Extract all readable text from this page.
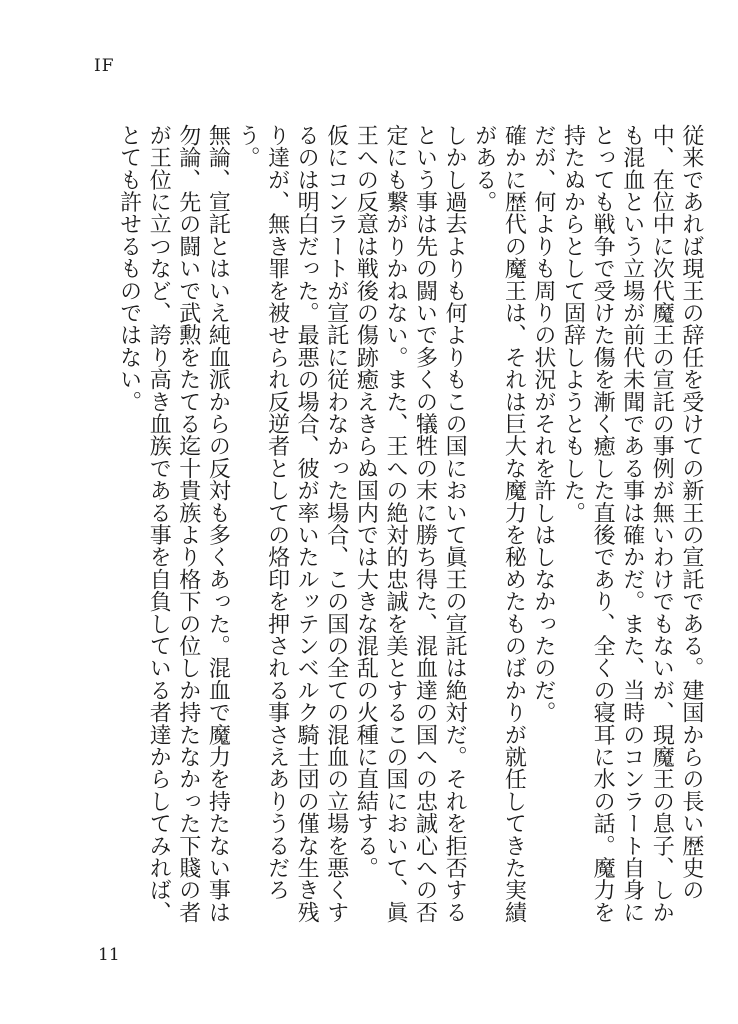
IF
従来であれば現王の辞任を受けての新王の宣託である。建国からの長い歴史の中、在位中に次代魔王の宣託の事例が無いわけでもないが、現魔王の息子、しかも混血という立場が前代未聞である事は確かだ。また、当時のコンラート自身にとっても戦争で受けた傷を漸く癒した直後であり、全くの寝耳に水の話。魔力を持たぬからとして固辞しようともした。
だが、何よりも周りの状況がそれを許しはしなかったのだ。
確かに歴代の魔王は、それは巨大な魔力を秘めたものばかりが就任してきた実績がある。
しかし過去よりも何よりもこの国において眞王の宣託は絶対だ。それを拒否するという事は先の闘いで多くの犠牲の末に勝ち得た、混血達の国への忠誠心への否定にも繋がりかねない。また、王への絶対的忠誠を美とするこの国において、眞王への反意は戦後の傷跡癒えきらぬ国内では大きな混乱の火種に直結する。
仮にコンラートが宣託に従わなかった場合、この国の全ての混血の立場を悪くするのは明白だった。最悪の場合、彼が率いたルッテンベルク騎士団の僅な生き残り達が、無き罪を被せられ反逆者としての烙印を押される事さえありうるだろう。
無論、宣託とはいえ純血派からの反対も多くあった。混血で魔力を持たない事は勿論、先の闘いで武勲をたてる迄十貴族より格下の位しか持たなかった下賤の者が王位に立つなど、誇り高き血族である事を自負している者達からしてみれば、とても許せるものではない。
11
